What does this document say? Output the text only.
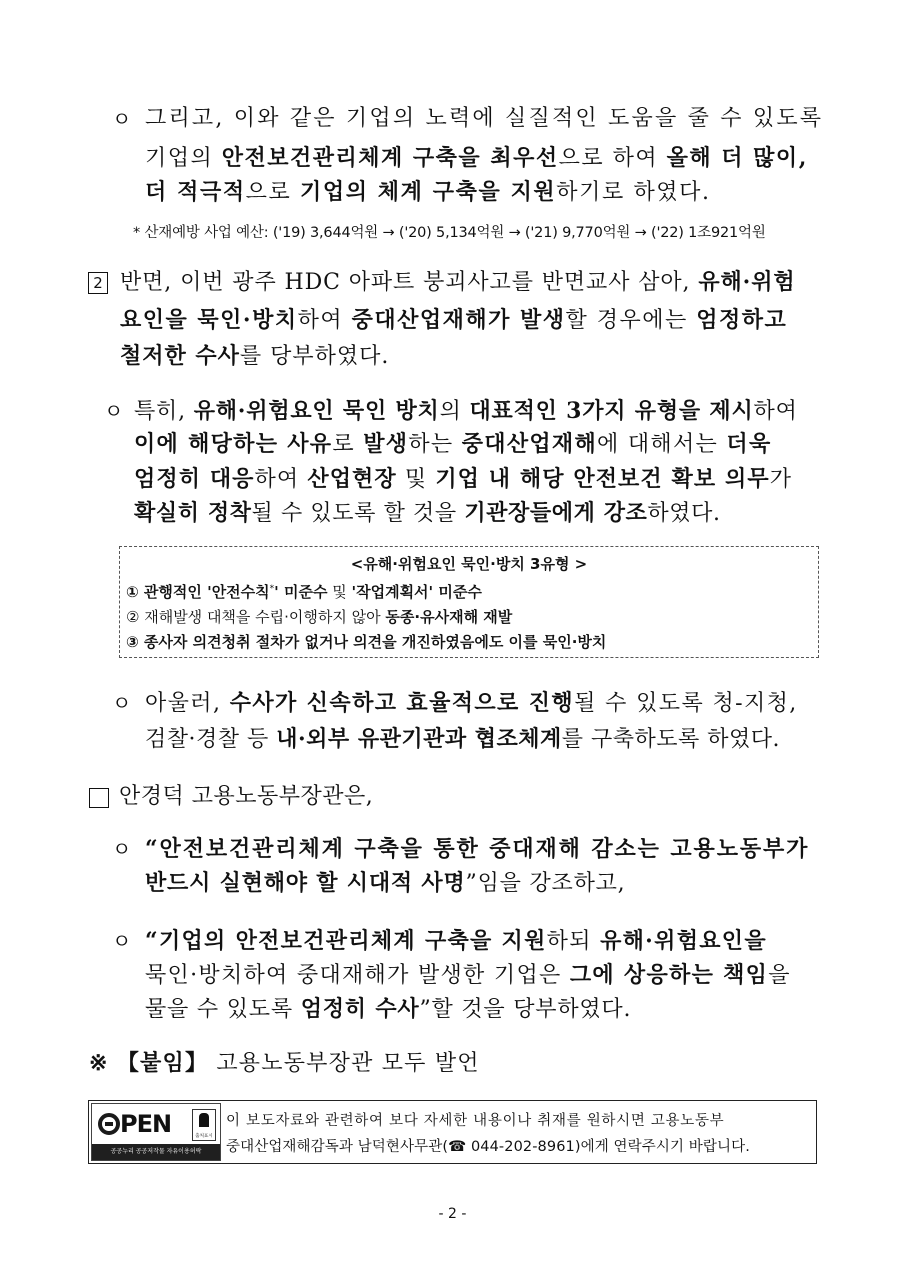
ㅇ 그리고, 이와 같은 기업의 노력에 실질적인 도움을 줄 수 있도록
기업의 안전보건관리체계 구축을 최우선으로 하여 올해 더 많이,
더 적극적으로 기업의 체계 구축을 지원하기로 하였다.
* 산재예방 사업 예산: ('19) 3,644억원 → ('20) 5,134억원 → ('21) 9,770억원 → ('22) 1조921억원
2 반면, 이번 광주 HDC 아파트 붕괴사고를 반면교사 삼아, 유해·위험
요인을 묵인·방치하여 중대산업재해가 발생할 경우에는 엄정하고
철저한 수사를 당부하였다.
ㅇ 특히, 유해·위험요인 묵인 방치의 대표적인 3가지 유형을 제시하여
이에 해당하는 사유로 발생하는 중대산업재해에 대해서는 더욱
엄정히 대응하여 산업현장 및 기업 내 해당 안전보건 확보 의무가
확실히 정착될 수 있도록 할 것을 기관장들에게 강조하였다.
<유해·위험요인 묵인·방치 3유형 >
① 관행적인 '안전수칙*' 미준수 및 '작업계획서' 미준수
② 재해발생 대책을 수립·이행하지 않아 동종·유사재해 재발
③ 종사자 의견청취 절차가 없거나 의견을 개진하였음에도 이를 묵인·방치
ㅇ 아울러, 수사가 신속하고 효율적으로 진행될 수 있도록 청-지청,
검찰·경찰 등 내·외부 유관기관과 협조체계를 구축하도록 하였다.
안경덕 고용노동부장관은,
ㅇ “안전보건관리체계 구축을 통한 중대재해 감소는 고용노동부가
반드시 실현해야 할 시대적 사명”임을 강조하고,
ㅇ “기업의 안전보건관리체계 구축을 지원하되 유해·위험요인을
묵인·방치하여 중대재해가 발생한 기업은 그에 상응하는 책임을
물을 수 있도록 엄정히 수사”할 것을 당부하였다.
※ 【붙임】 고용노동부장관 모두 발언
PEN	출처표시
공공누리 공공저작물 자유이용허락
이 보도자료와 관련하여 보다 자세한 내용이나 취재를 원하시면 고용노동부
중대산업재해감독과 남덕현사무관(☎ 044-202-8961)에게 연락주시기 바랍니다.
- 2 -
